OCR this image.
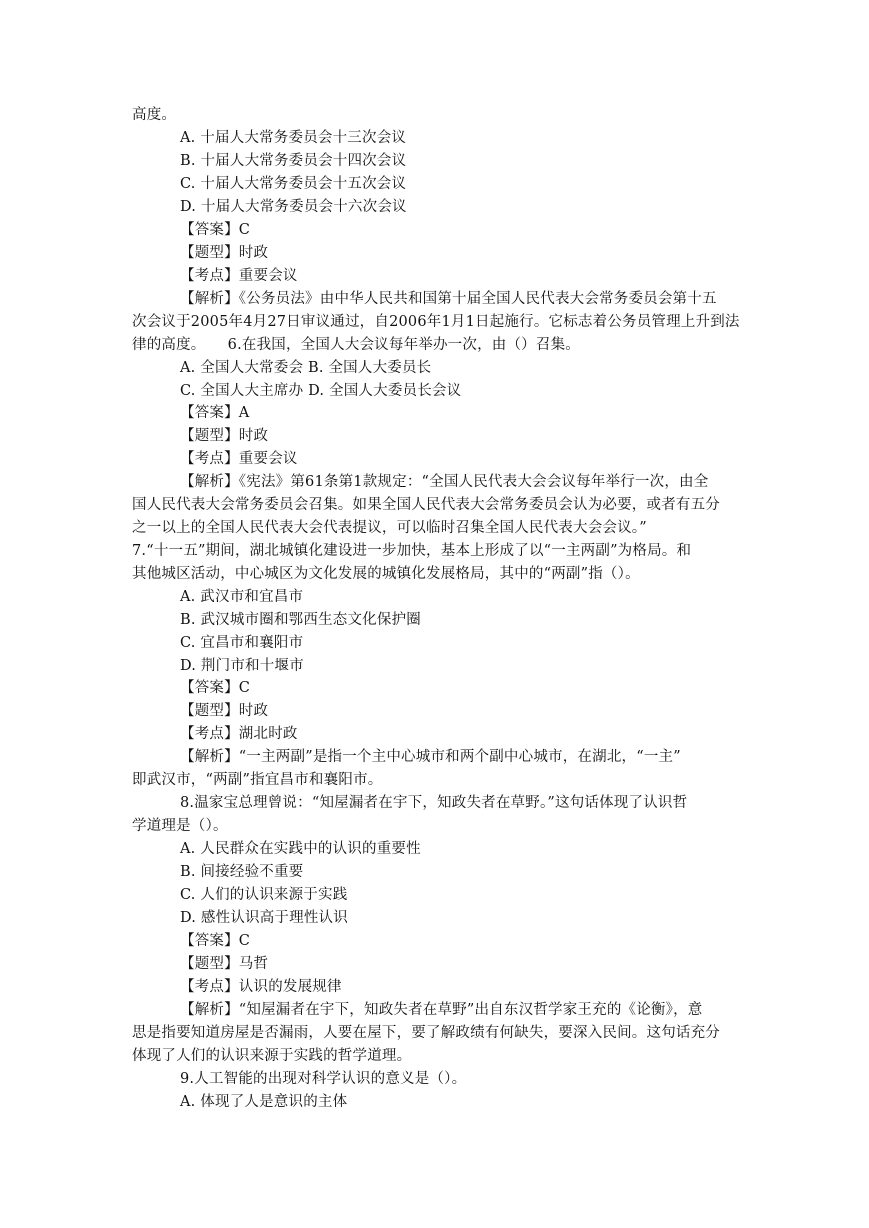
高度。
A. 十届人大常务委员会十三次会议
B. 十届人大常务委员会十四次会议
C. 十届人大常务委员会十五次会议
D. 十届人大常务委员会十六次会议
【答案】C
【题型】时政
【考点】重要会议
【解析】《公务员法》由中华人民共和国第十届全国人民代表大会常务委员会第十五
次会议于2005年4月27日审议通过，自2006年1月1日起施行。它标志着公务员管理上升到法
律的高度。　　6.在我国，全国人大会议每年举办一次，由（）召集。
A. 全国人大常委会 B. 全国人大委员长
C. 全国人大主席办 D. 全国人大委员长会议
【答案】A
【题型】时政
【考点】重要会议
【解析】《宪法》第61条第1款规定：“全国人民代表大会会议每年举行一次，由全
国人民代表大会常务委员会召集。如果全国人民代表大会常务委员会认为必要，或者有五分
之一以上的全国人民代表大会代表提议，可以临时召集全国人民代表大会会议。”
7.“十一五”期间，湖北城镇化建设进一步加快，基本上形成了以“一主两副”为格局。和
其他城区活动，中心城区为文化发展的城镇化发展格局，其中的“两副”指（）。
A. 武汉市和宜昌市
B. 武汉城市圈和鄂西生态文化保护圈
C. 宜昌市和襄阳市
D. 荆门市和十堰市
【答案】C
【题型】时政
【考点】湖北时政
【解析】“一主两副”是指一个主中心城市和两个副中心城市，在湖北，“一主”
即武汉市，“两副”指宜昌市和襄阳市。
8.温家宝总理曾说：“知屋漏者在宇下，知政失者在草野。”这句话体现了认识哲
学道理是（）。
A. 人民群众在实践中的认识的重要性
B. 间接经验不重要
C. 人们的认识来源于实践
D. 感性认识高于理性认识
【答案】C
【题型】马哲
【考点】认识的发展规律
【解析】“知屋漏者在宇下，知政失者在草野”出自东汉哲学家王充的《论衡》，意
思是指要知道房屋是否漏雨，人要在屋下，要了解政绩有何缺失，要深入民间。这句话充分
体现了人们的认识来源于实践的哲学道理。
9.人工智能的出现对科学认识的意义是（）。
A. 体现了人是意识的主体
